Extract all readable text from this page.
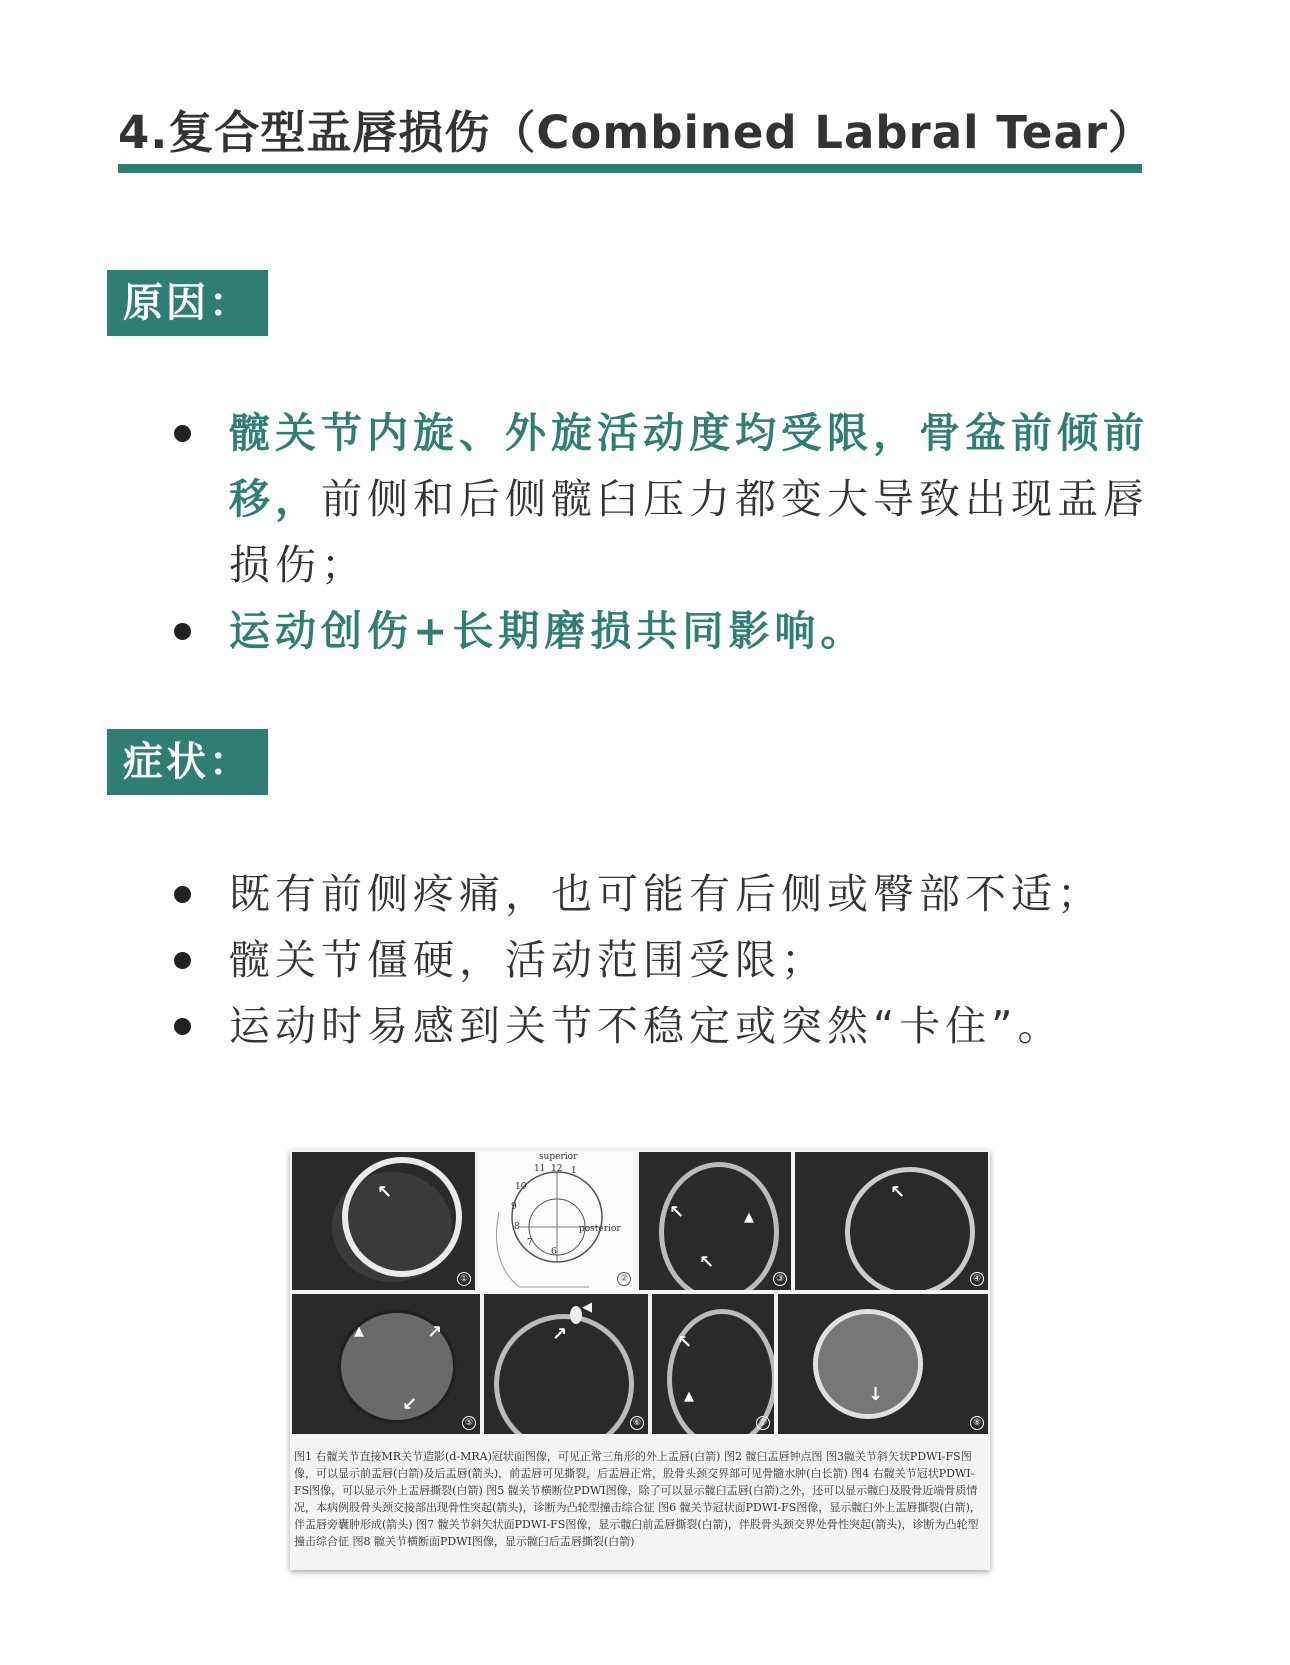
4.复合型盂唇损伤（Combined Labral Tear）
原因：
髋关节内旋、外旋活动度均受限，骨盆前倾前移，前侧和后侧髋臼压力都变大导致出现盂唇损伤；
运动创伤+长期磨损共同影响。
症状：
既有前侧疼痛，也可能有后侧或臀部不适；
髋关节僵硬，活动范围受限；
运动时易感到关节不稳定或突然“卡住”。
↖
①
superior
11 12 1
10
9
8
7
6
posterior
②
↖	▲
↖
③
↖
④
▲	↗
↙
⑤
↗
◀
⑥
↖
▲
⑦
↓
⑧
图1 右髋关节直接MR关节造影(d-MRA)冠状面图像，可见正常三角形的外上盂唇(白箭) 图2 髋臼盂唇钟点图 图3髋关节斜矢状PDWI-FS图像，可以显示前盂唇(白箭)及后盂唇(箭头)，前盂唇可见撕裂，后盂唇正常，股骨头颈交界部可见骨髓水肿(白长箭) 图4 右髋关节冠状PDWI-FS图像，可以显示外上盂唇撕裂(白箭) 图5 髋关节横断位PDWI图像，除了可以显示髋臼盂唇(白箭)之外，还可以显示髋臼及股骨近端骨质情况，本病例股骨头颈交接部出现骨性突起(箭头)，诊断为凸轮型撞击综合征 图6 髋关节冠状面PDWI-FS图像，显示髋臼外上盂唇撕裂(白箭)，伴盂唇旁囊肿形成(箭头) 图7 髋关节斜矢状面PDWI-FS图像，显示髋臼前盂唇撕裂(白箭)，伴股骨头颈交界处骨性突起(箭头)，诊断为凸轮型撞击综合征 图8 髋关节横断面PDWI图像，显示髋臼后盂唇撕裂(白箭)
